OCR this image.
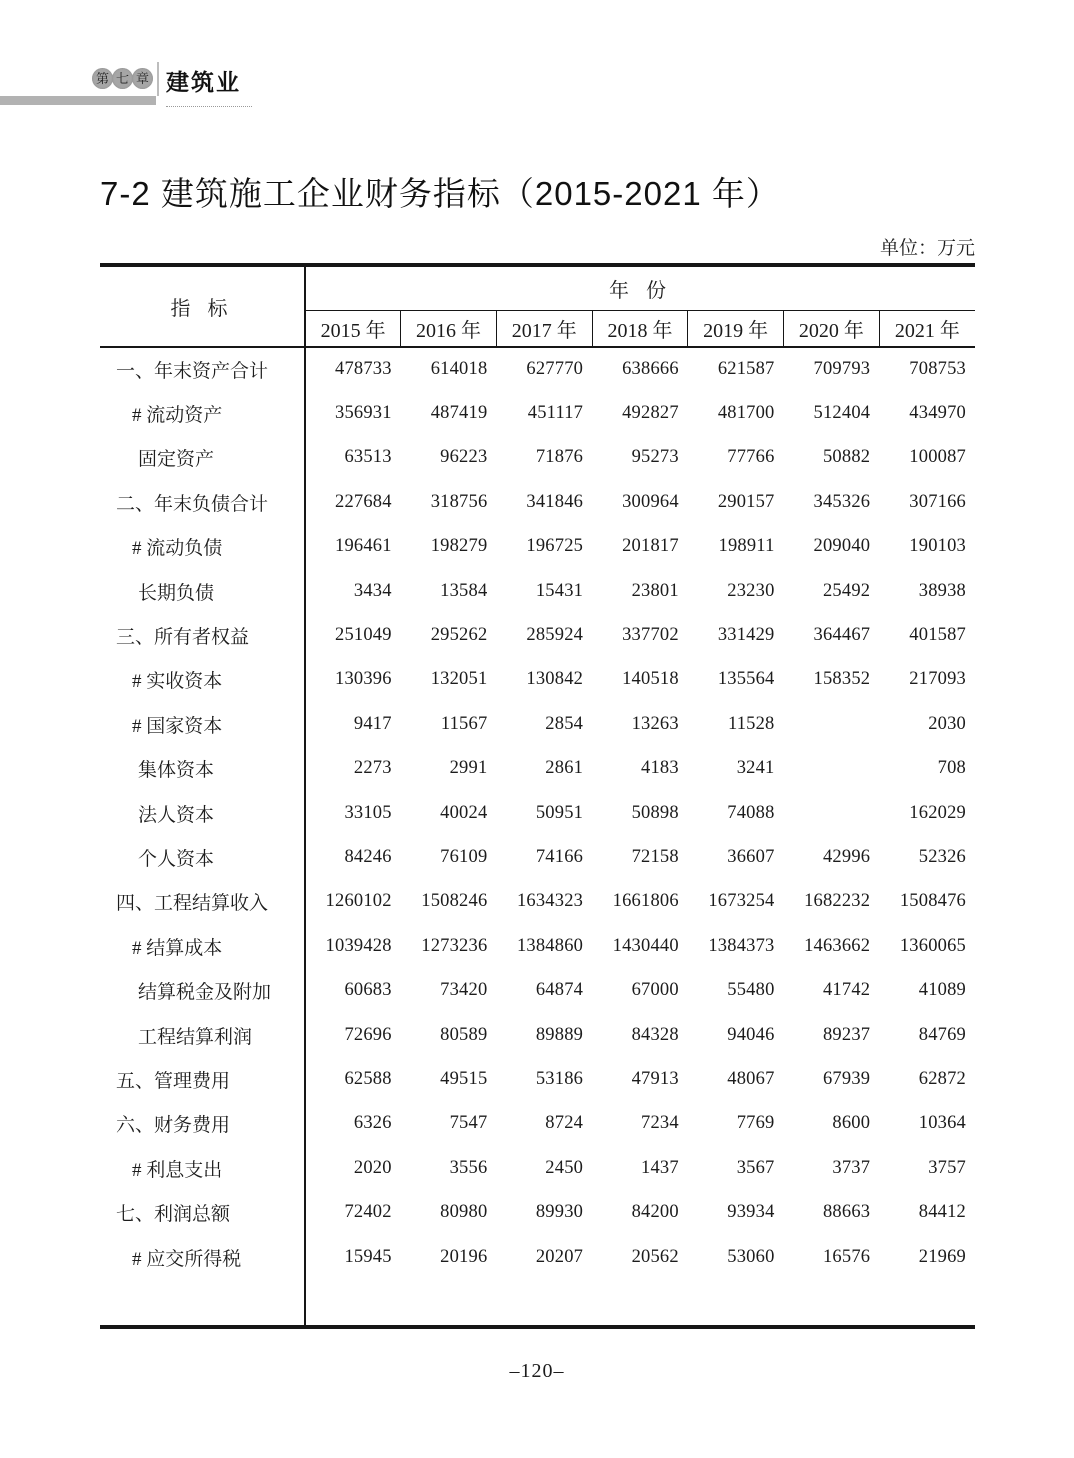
第 七 章 建筑业
7-2 建筑施工企业财务指标（2015-2021 年）
单位：万元
指 标	年 份						
	2015 年	2016 年	2017 年	2018 年	2019 年	2020 年	2021 年
一、年末资产合计	478733	614018	627770	638666	621587	709793	708753
# 流动资产	356931	487419	451117	492827	481700	512404	434970
固定资产	63513	96223	71876	95273	77766	50882	100087
二、年末负债合计	227684	318756	341846	300964	290157	345326	307166
# 流动负债	196461	198279	196725	201817	198911	209040	190103
长期负债	3434	13584	15431	23801	23230	25492	38938
三、所有者权益	251049	295262	285924	337702	331429	364467	401587
# 实收资本	130396	132051	130842	140518	135564	158352	217093
# 国家资本	9417	11567	2854	13263	11528		2030
集体资本	2273	2991	2861	4183	3241		708
法人资本	33105	40024	50951	50898	74088		162029
个人资本	84246	76109	74166	72158	36607	42996	52326
四、工程结算收入	1260102	1508246	1634323	1661806	1673254	1682232	1508476
# 结算成本	1039428	1273236	1384860	1430440	1384373	1463662	1360065
结算税金及附加	60683	73420	64874	67000	55480	41742	41089
工程结算利润	72696	80589	89889	84328	94046	89237	84769
五、管理费用	62588	49515	53186	47913	48067	67939	62872
六、财务费用	6326	7547	8724	7234	7769	8600	10364
# 利息支出	2020	3556	2450	1437	3567	3737	3757
七、利润总额	72402	80980	89930	84200	93934	88663	84412
# 应交所得税	15945	20196	20207	20562	53060	16576	21969

–120–
